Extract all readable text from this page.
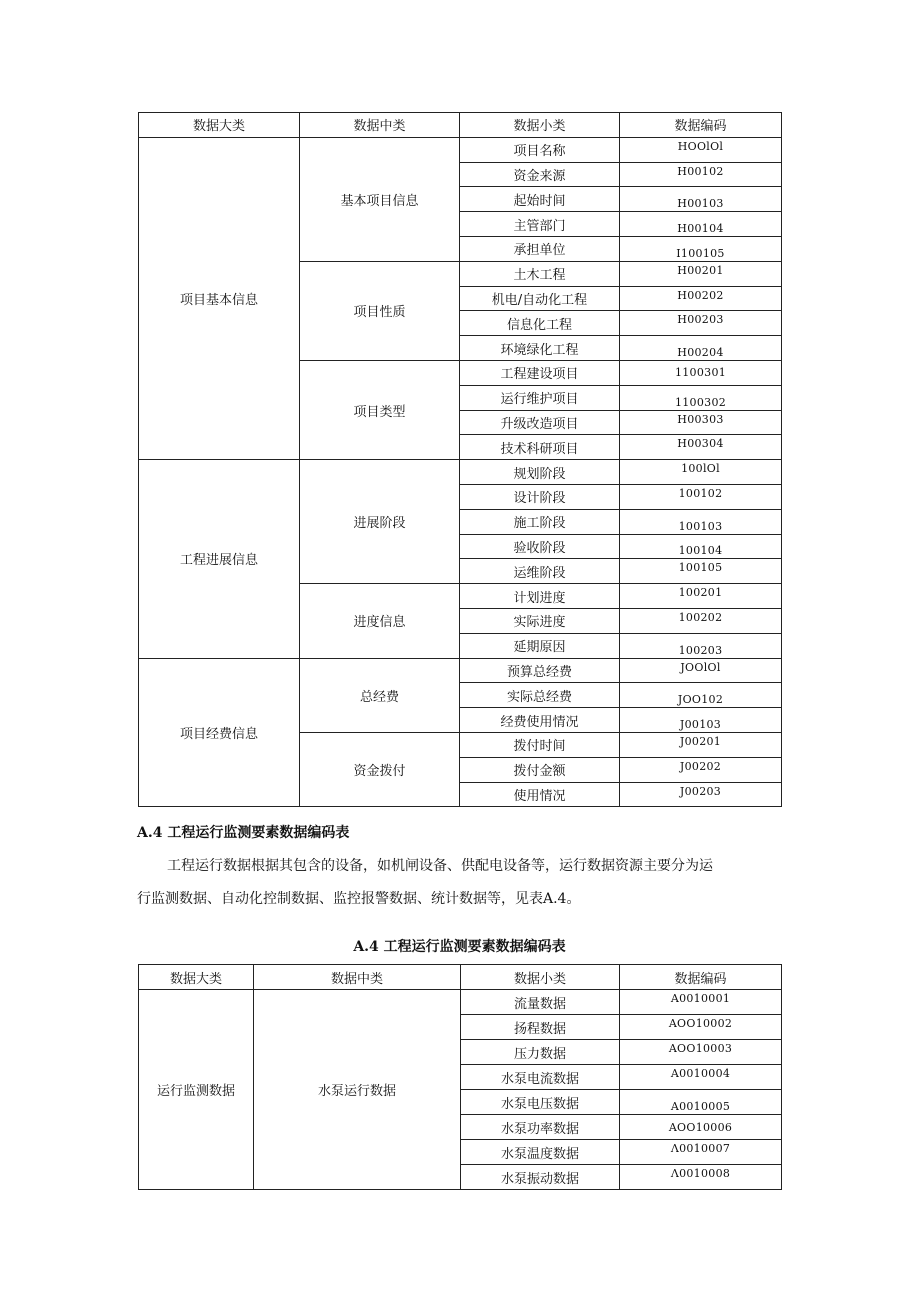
数据大类	数据中类	数据小类	数据编码
项目基本信息	基本项目信息	项目名称	HOOlOl
		资金来源	H00102
		起始时间	H00103
		主管部门	H00104
		承担单位	I100105
	项目性质	土木工程	H00201
		机电/自动化工程	H00202
		信息化工程	H00203
		环境绿化工程	H00204
	项目类型	工程建设项目	1100301
		运行维护项目	1100302
		升级改造项目	H00303
		技术科研项目	H00304
工程进展信息	进展阶段	规划阶段	100lOl
		设计阶段	100102
		施工阶段	100103
		验收阶段	100104
		运维阶段	100105
	进度信息	计划进度	100201
		实际进度	100202
		延期原因	100203
项目经费信息	总经费	预算总经费	JOOlOl
		实际总经费	JOO102
		经费使用情况	J00103
	资金拨付	拨付时间	J00201
		拨付金额	J00202
		使用情况	J00203
A.4 工程运行监测要素数据编码表
工程运行数据根据其包含的设备，如机闸设备、供配电设备等，运行数据资源主要分为运
行监测数据、自动化控制数据、监控报警数据、统计数据等，见表A.4。
A.4 工程运行监测要素数据编码表
数据大类	数据中类	数据小类	数据编码
运行监测数据	水泵运行数据	流量数据	A0010001
		扬程数据	AOO10002
		压力数据	AOO10003
		水泵电流数据	A0010004
		水泵电压数据	A0010005
		水泵功率数据	AOO10006
		水泵温度数据	Λ0010007
		水泵振动数据	Λ0010008
